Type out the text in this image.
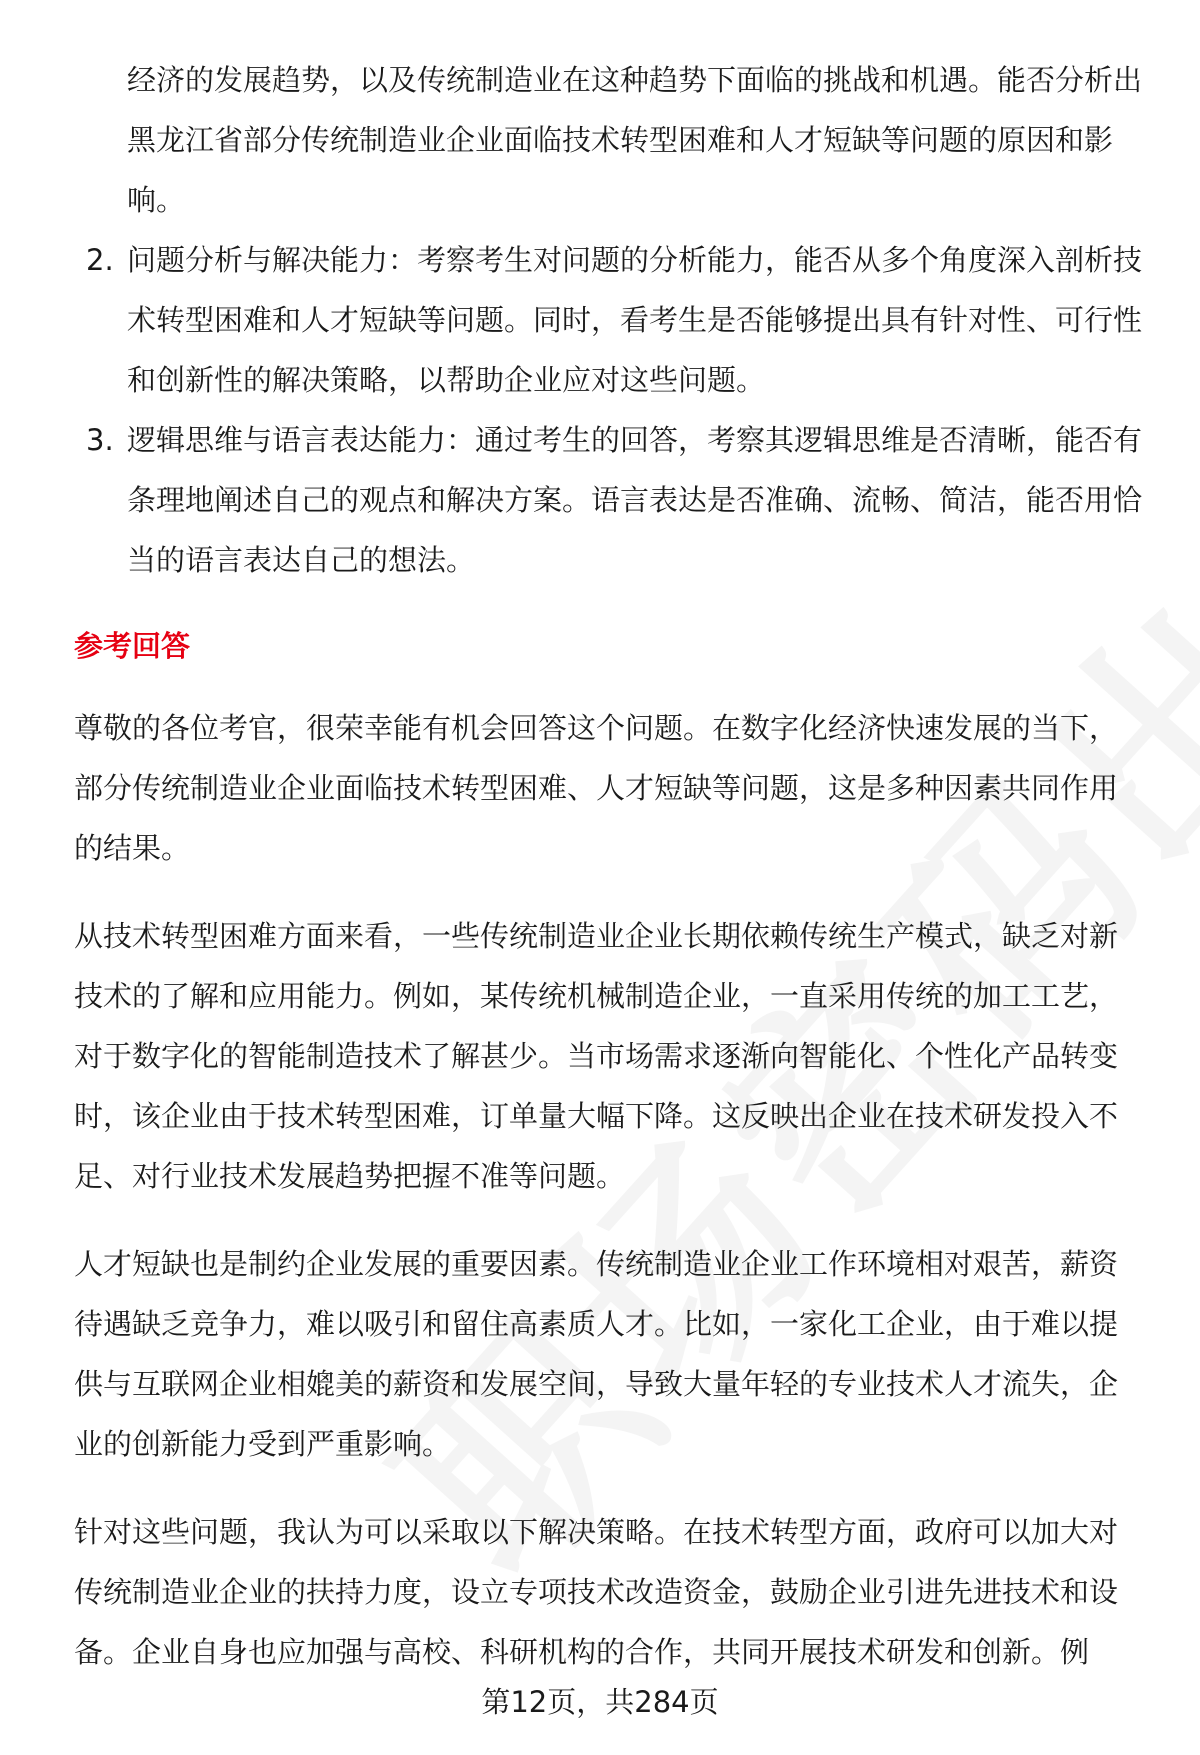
经济的发展趋势，以及传统制造业在这种趋势下面临的挑战和机遇。能否分析出黑龙江省部分传统制造业企业面临技术转型困难和人才短缺等问题的原因和影响。

2. 问题分析与解决能力：考察考生对问题的分析能力，能否从多个角度深入剖析技术转型困难和人才短缺等问题。同时，看考生是否能够提出具有针对性、可行性和创新性的解决策略，以帮助企业应对这些问题。
3. 逻辑思维与语言表达能力：通过考生的回答，考察其逻辑思维是否清晰，能否有条理地阐述自己的观点和解决方案。语言表达是否准确、流畅、简洁，能否用恰当的语言表达自己的想法。
参考回答

尊敬的各位考官，很荣幸能有机会回答这个问题。在数字化经济快速发展的当下，部分传统制造业企业面临技术转型困难、人才短缺等问题，这是多种因素共同作用的结果。

从技术转型困难方面来看，一些传统制造业企业长期依赖传统生产模式，缺乏对新技术的了解和应用能力。例如，某传统机械制造企业，一直采用传统的加工工艺，对于数字化的智能制造技术了解甚少。当市场需求逐渐向智能化、个性化产品转变时，该企业由于技术转型困难，订单量大幅下降。这反映出企业在技术研发投入不足、对行业技术发展趋势把握不准等问题。

人才短缺也是制约企业发展的重要因素。传统制造业企业工作环境相对艰苦，薪资待遇缺乏竞争力，难以吸引和留住高素质人才。比如，一家化工企业，由于难以提供与互联网企业相媲美的薪资和发展空间，导致大量年轻的专业技术人才流失，企业的创新能力受到严重影响。

针对这些问题，我认为可以采取以下解决策略。在技术转型方面，政府可以加大对传统制造业企业的扶持力度，设立专项技术改造资金，鼓励企业引进先进技术和设备。企业自身也应加强与高校、科研机构的合作，共同开展技术研发和创新。例

第12页，共284页
